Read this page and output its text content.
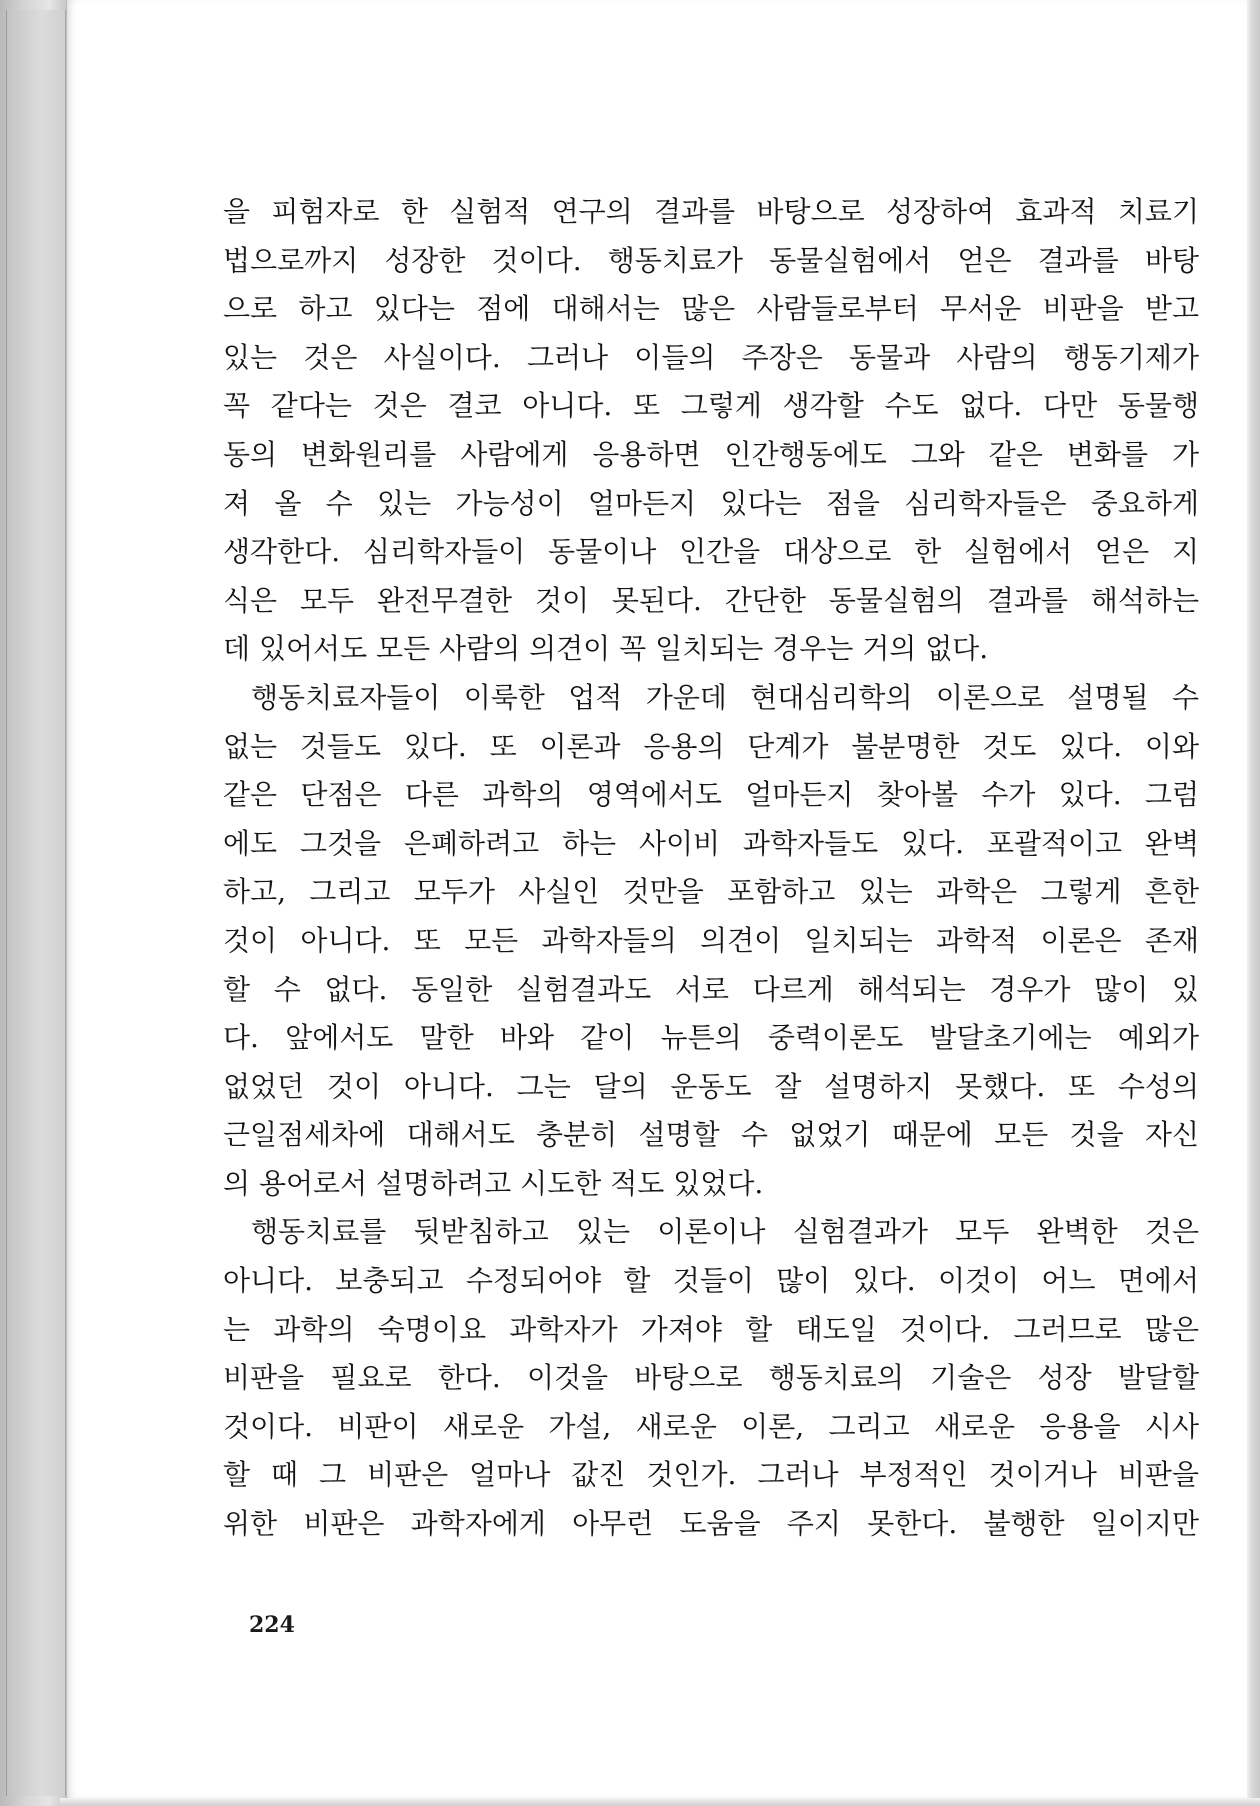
을 피험자로 한 실험적 연구의 결과를 바탕으로 성장하여 효과적 치료기
법으로까지 성장한 것이다. 행동치료가 동물실험에서 얻은 결과를 바탕
으로 하고 있다는 점에 대해서는 많은 사람들로부터 무서운 비판을 받고
있는 것은 사실이다. 그러나 이들의 주장은 동물과 사람의 행동기제가
꼭 같다는 것은 결코 아니다. 또 그렇게 생각할 수도 없다. 다만 동물행
동의 변화원리를 사람에게 응용하면 인간행동에도 그와 같은 변화를 가
져 올 수 있는 가능성이 얼마든지 있다는 점을 심리학자들은 중요하게
생각한다. 심리학자들이 동물이나 인간을 대상으로 한 실험에서 얻은 지
식은 모두 완전무결한 것이 못된다. 간단한 동물실험의 결과를 해석하는
데 있어서도 모든 사람의 의견이 꼭 일치되는 경우는 거의 없다.
행동치료자들이 이룩한 업적 가운데 현대심리학의 이론으로 설명될 수
없는 것들도 있다. 또 이론과 응용의 단계가 불분명한 것도 있다. 이와
같은 단점은 다른 과학의 영역에서도 얼마든지 찾아볼 수가 있다. 그럼
에도 그것을 은폐하려고 하는 사이비 과학자들도 있다. 포괄적이고 완벽
하고, 그리고 모두가 사실인 것만을 포함하고 있는 과학은 그렇게 흔한
것이 아니다. 또 모든 과학자들의 의견이 일치되는 과학적 이론은 존재
할 수 없다. 동일한 실험결과도 서로 다르게 해석되는 경우가 많이 있
다. 앞에서도 말한 바와 같이 뉴튼의 중력이론도 발달초기에는 예외가
없었던 것이 아니다. 그는 달의 운동도 잘 설명하지 못했다. 또 수성의
근일점세차에 대해서도 충분히 설명할 수 없었기 때문에 모든 것을 자신
의 용어로서 설명하려고 시도한 적도 있었다.
행동치료를 뒷받침하고 있는 이론이나 실험결과가 모두 완벽한 것은
아니다. 보충되고 수정되어야 할 것들이 많이 있다. 이것이 어느 면에서
는 과학의 숙명이요 과학자가 가져야 할 태도일 것이다. 그러므로 많은
비판을 필요로 한다. 이것을 바탕으로 행동치료의 기술은 성장 발달할
것이다. 비판이 새로운 가설, 새로운 이론, 그리고 새로운 응용을 시사
할 때 그 비판은 얼마나 값진 것인가. 그러나 부정적인 것이거나 비판을
위한 비판은 과학자에게 아무런 도움을 주지 못한다. 불행한 일이지만
224
